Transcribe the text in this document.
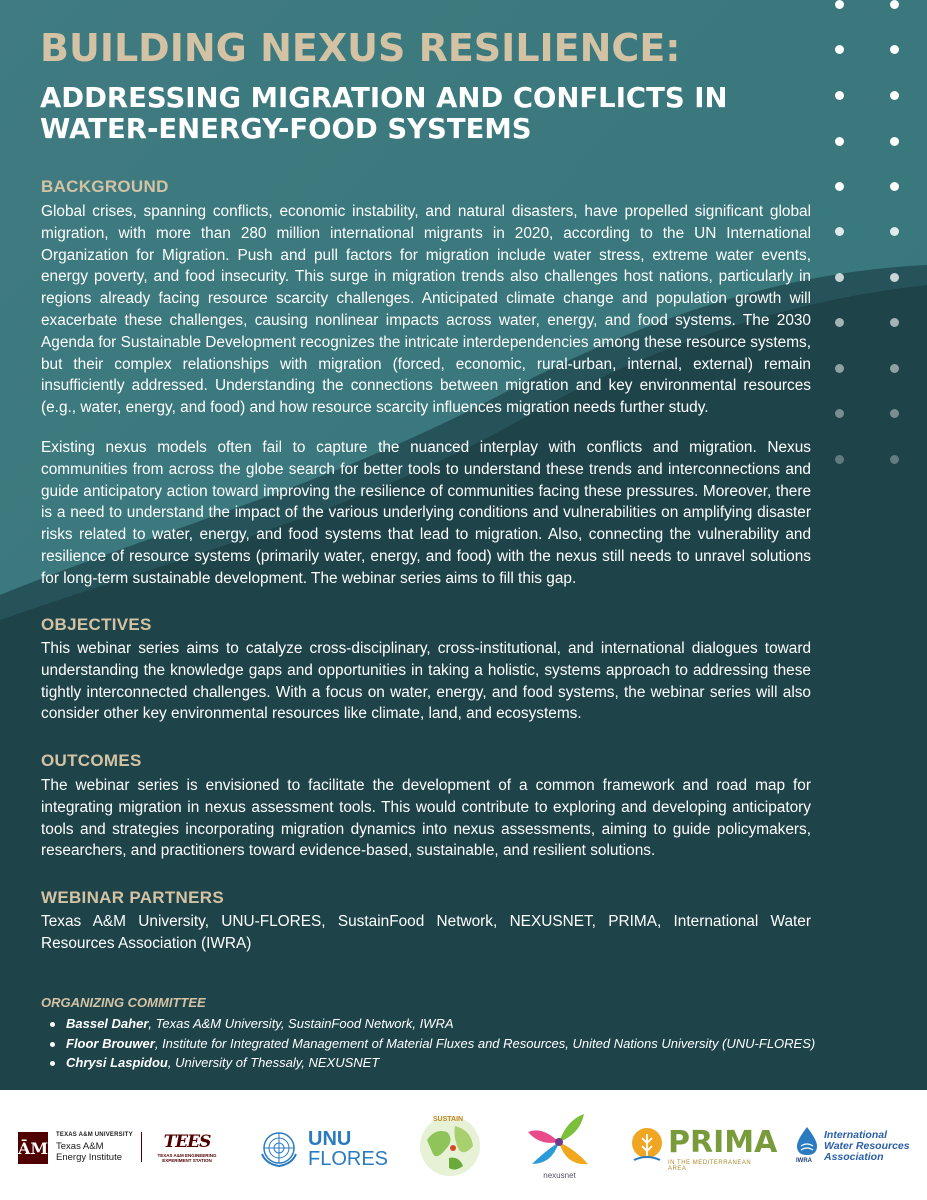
BUILDING NEXUS RESILIENCE:
ADDRESSING MIGRATION AND CONFLICTS IN WATER-ENERGY-FOOD SYSTEMS
BACKGROUND

Global crises, spanning conflicts, economic instability, and natural disasters, have propelled significant global migration, with more than 280 million international migrants in 2020, according to the UN International Organization for Migration. Push and pull factors for migration include water stress, extreme water events, energy poverty, and food insecurity. This surge in migration trends also challenges host nations, particularly in regions already facing resource scarcity challenges. Anticipated climate change and population growth will exacerbate these challenges, causing nonlinear impacts across water, energy, and food systems. The 2030 Agenda for Sustainable Development recognizes the intricate interdependencies among these resource systems, but their complex relationships with migration (forced, economic, rural-urban, internal, external) remain insufficiently addressed. Understanding the connections between migration and key environmental resources (e.g., water, energy, and food) and how resource scarcity influences migration needs further study.

Existing nexus models often fail to capture the nuanced interplay with conflicts and migration. Nexus communities from across the globe search for better tools to understand these trends and interconnections and guide anticipatory action toward improving the resilience of communities facing these pressures. Moreover, there is a need to understand the impact of the various underlying conditions and vulnerabilities on amplifying disaster risks related to water, energy, and food systems that lead to migration. Also, connecting the vulnerability and resilience of resource systems (primarily water, energy, and food) with the nexus still needs to unravel solutions for long-term sustainable development. The webinar series aims to fill this gap.

OBJECTIVES

This webinar series aims to catalyze cross-disciplinary, cross-institutional, and international dialogues toward understanding the knowledge gaps and opportunities in taking a holistic, systems approach to addressing these tightly interconnected challenges. With a focus on water, energy, and food systems, the webinar series will also consider other key environmental resources like climate, land, and ecosystems.

OUTCOMES

The webinar series is envisioned to facilitate the development of a common framework and road map for integrating migration in nexus assessment tools. This would contribute to exploring and developing anticipatory tools and strategies incorporating migration dynamics into nexus assessments, aiming to guide policymakers, researchers, and practitioners toward evidence-based, sustainable, and resilient solutions.

WEBINAR PARTNERS

Texas A&M University, UNU-FLORES, SustainFood Network, NEXUSNET, PRIMA, International Water Resources Association (IWRA)

ORGANIZING COMMITTEE
Bassel Daher, Texas A&M University, SustainFood Network, IWRA
Floor Brouwer, Institute for Integrated Management of Material Fluxes and Resources, United Nations University (UNU-FLORES)
Chrysi Laspidou, University of Thessaly, NEXUSNET
ĀM
TEXAS A&M UNIVERSITY
Texas A&M
Energy Institute
TEES
TEXAS A&M ENGINEERING
EXPERIMENT STATION
UNU
FLORES
SUSTAIN
nexusnet
PRIMA
IN THE MEDITERRANEAN AREA
IWRA
International
Water Resources
Association
